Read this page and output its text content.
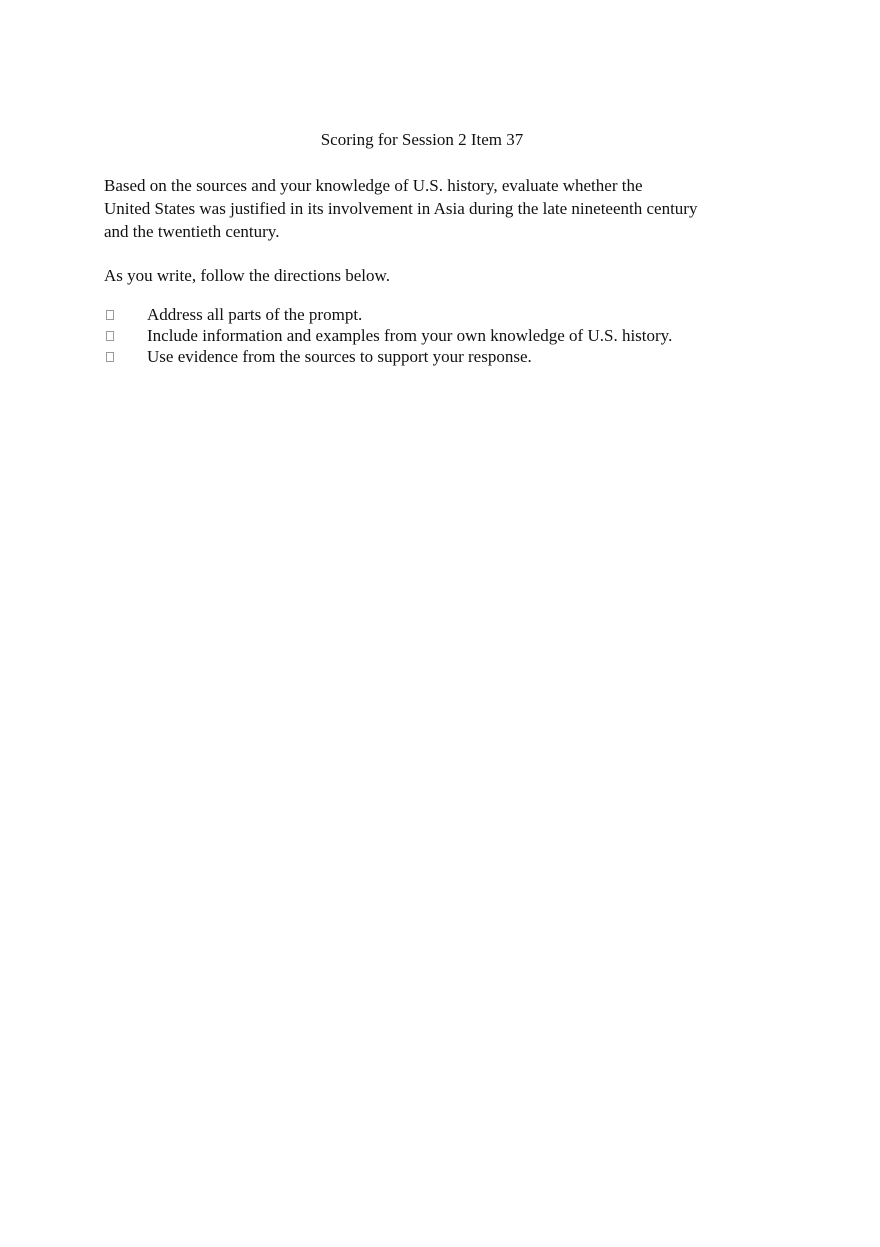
Scoring for Session 2 Item 37

Based on the sources and your knowledge of U.S. history, evaluate whether the
United States was justified in its involvement in Asia during the late nineteenth century
and the twentieth century.

As you write, follow the directions below.

Address all parts of the prompt.
Include information and examples from your own knowledge of U.S. history.
Use evidence from the sources to support your response.
